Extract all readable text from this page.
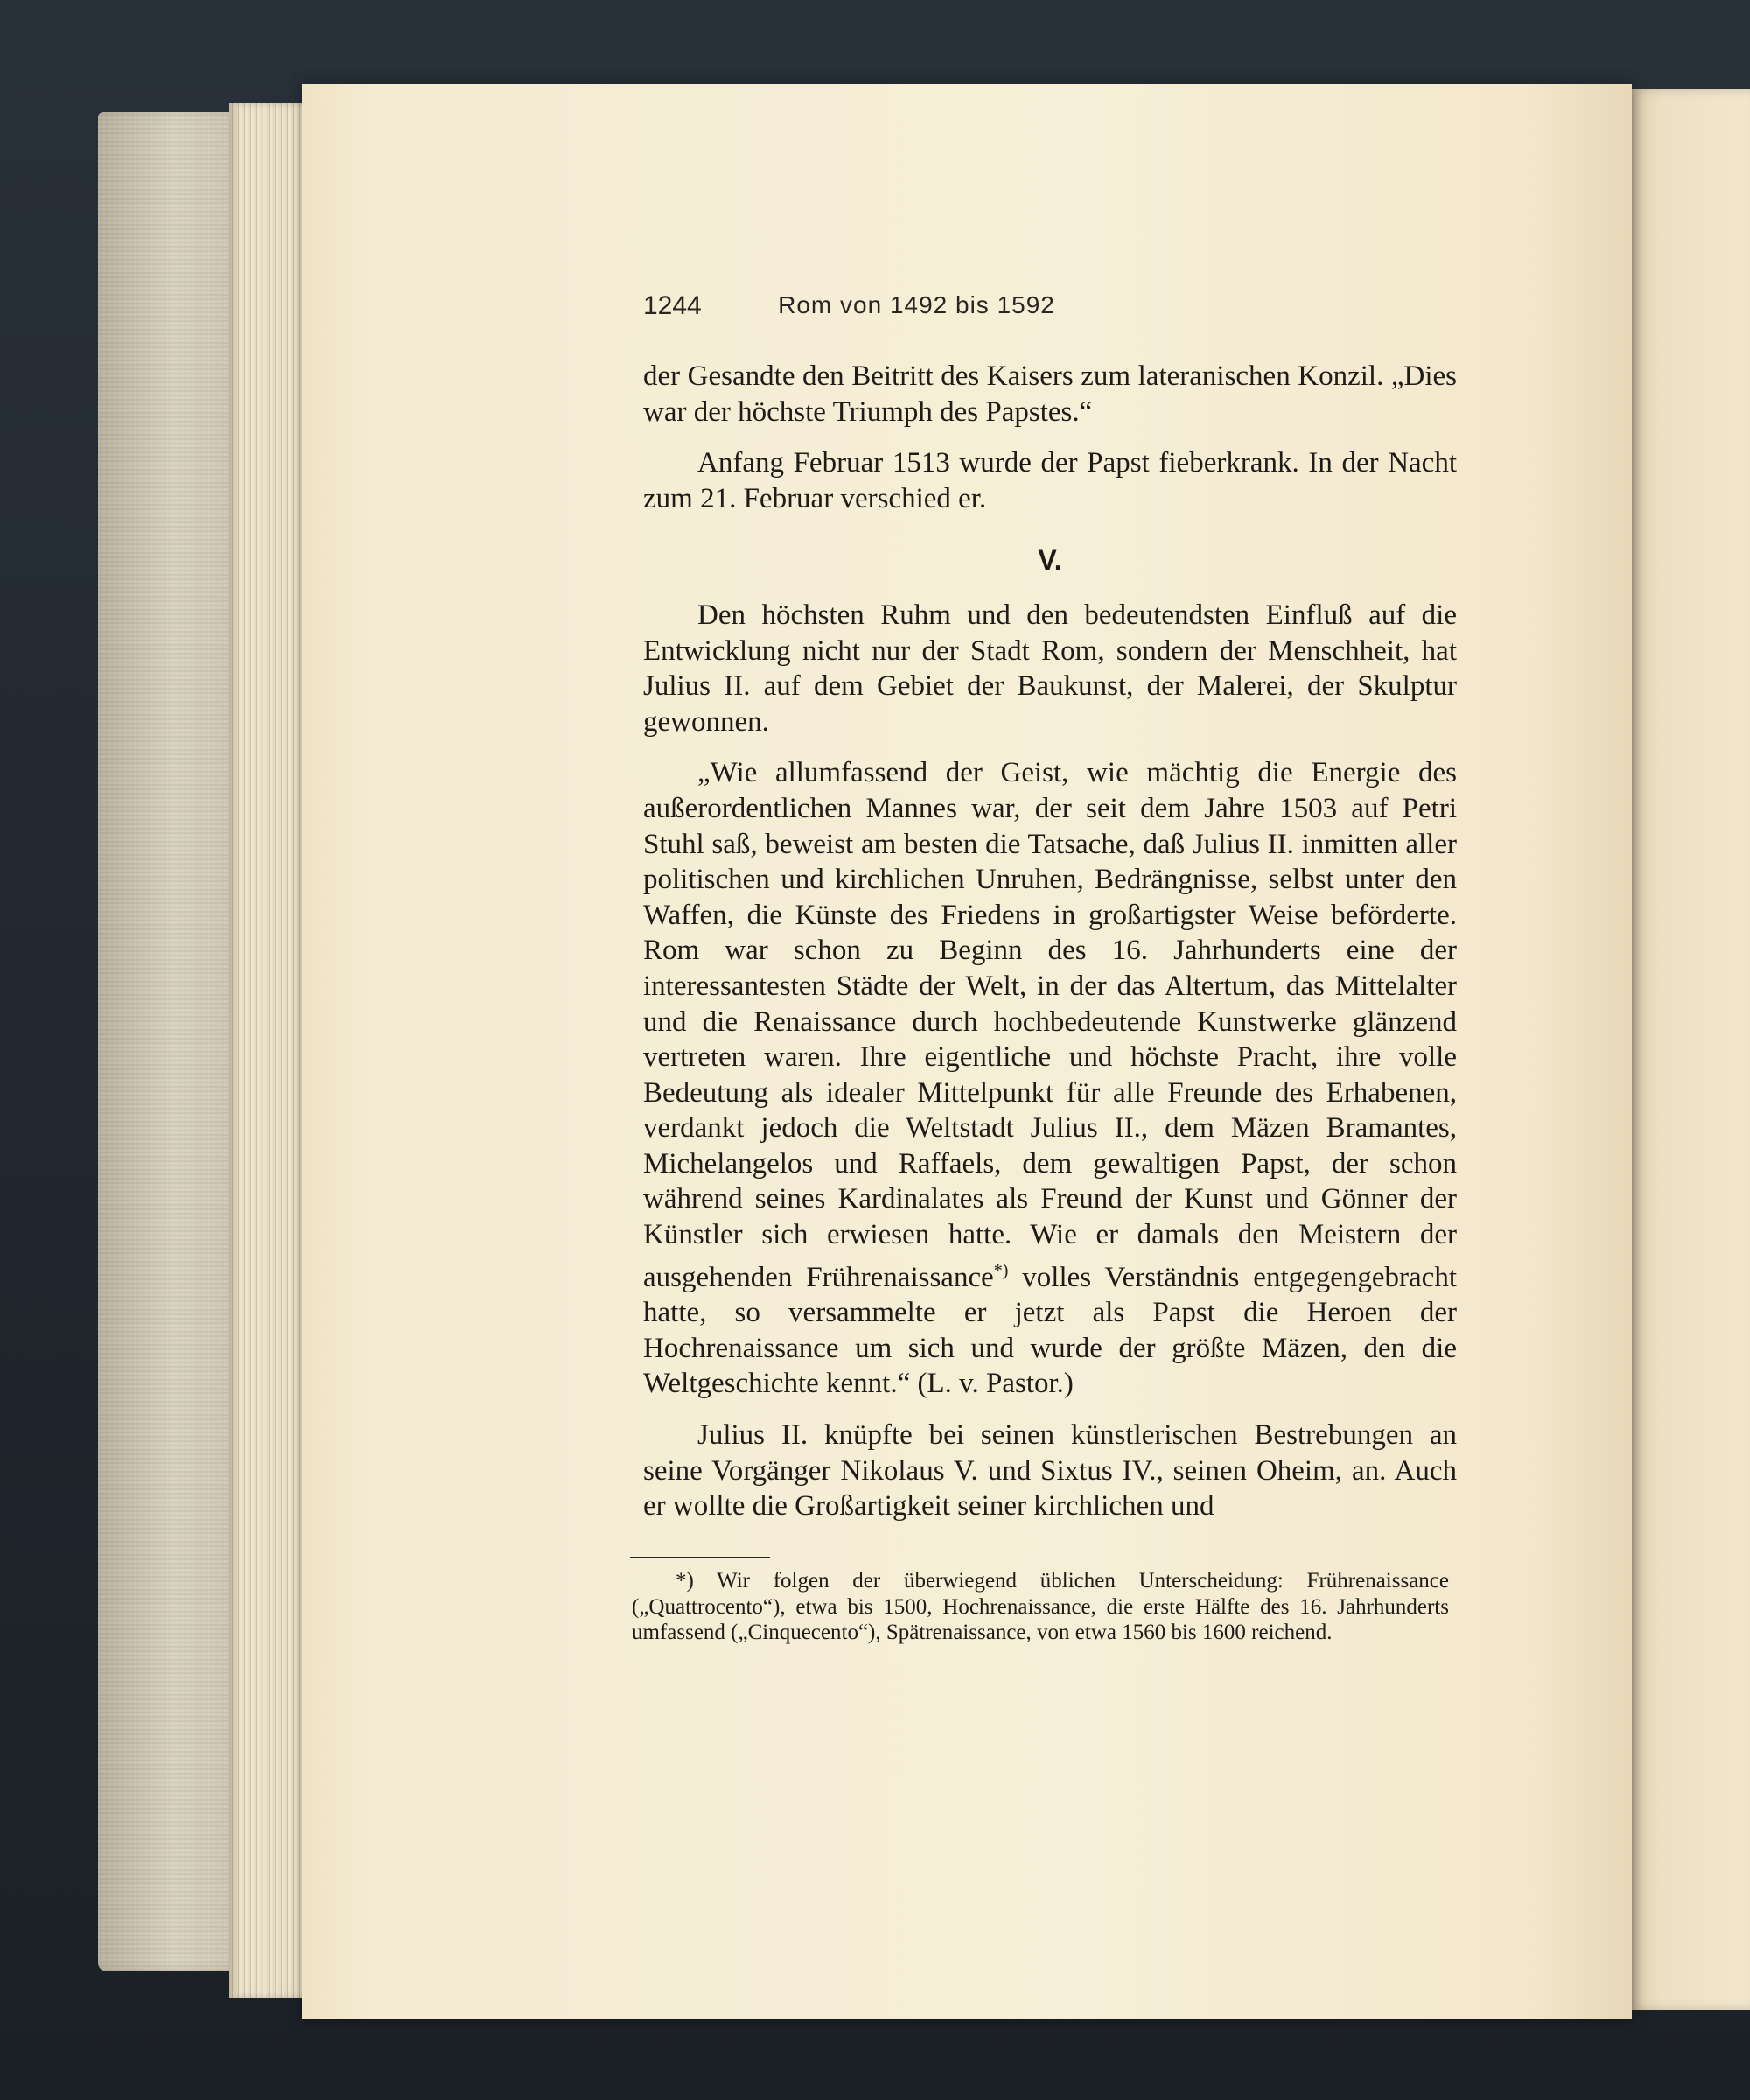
1244	Rom von 1492 bis 1592

der Gesandte den Beitritt des Kaisers zum lateranischen Konzil. „Dies war der höchste Triumph des Papstes.“

Anfang Februar 1513 wurde der Papst fieberkrank. In der Nacht zum 21. Februar verschied er.

V.

Den höchsten Ruhm und den bedeutendsten Einfluß auf die Entwicklung nicht nur der Stadt Rom, sondern der Menschheit, hat Julius II. auf dem Gebiet der Baukunst, der Malerei, der Skulptur gewonnen.

„Wie allumfassend der Geist, wie mächtig die Energie des außerordentlichen Mannes war, der seit dem Jahre 1503 auf Petri Stuhl saß, beweist am besten die Tatsache, daß Julius II. inmitten aller politischen und kirchlichen Unruhen, Bedrängnisse, selbst unter den Waffen, die Künste des Friedens in großartigster Weise beförderte. Rom war schon zu Beginn des 16. Jahrhunderts eine der interessantesten Städte der Welt, in der das Altertum, das Mittelalter und die Renaissance durch hochbedeutende Kunstwerke glänzend vertreten waren. Ihre eigentliche und höchste Pracht, ihre volle Bedeutung als idealer Mittelpunkt für alle Freunde des Erhabenen, verdankt jedoch die Weltstadt Julius II., dem Mäzen Bramantes, Michelangelos und Raffaels, dem gewaltigen Papst, der schon während seines Kardinalates als Freund der Kunst und Gönner der Künstler sich erwiesen hatte. Wie er damals den Meistern der ausgehenden Frührenaissance*) volles Verständnis entgegengebracht hatte, so versammelte er jetzt als Papst die Heroen der Hochrenaissance um sich und wurde der größte Mäzen, den die Weltgeschichte kennt.“ (L. v. Pastor.)

Julius II. knüpfte bei seinen künstlerischen Bestrebungen an seine Vorgänger Nikolaus V. und Sixtus IV., seinen Oheim, an. Auch er wollte die Großartigkeit seiner kirchlichen und

*) Wir folgen der überwiegend üblichen Unterscheidung: Frührenaissance („Quattrocento“), etwa bis 1500, Hochrenaissance, die erste Hälfte des 16. Jahrhunderts umfassend („Cinquecento“), Spätrenaissance, von etwa 1560 bis 1600 reichend.
